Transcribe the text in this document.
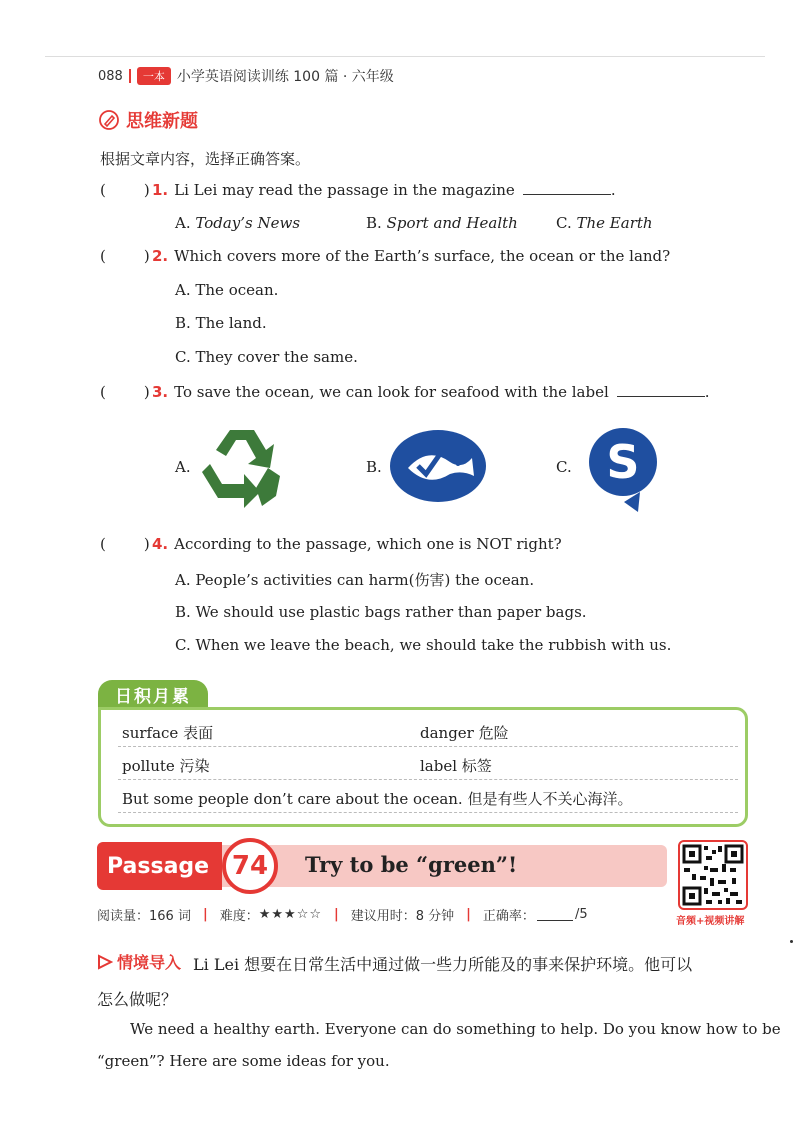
088	一本 小学英语阅读训练 100 篇 · 六年级
思维新题
根据文章内容，选择正确答案。
(	) 1. Li Lei may read the passage in the magazine	.
A. Today’s News	B. Sport and Health	C. The Earth
(	) 2. Which covers more of the Earth’s surface, the ocean or the land?
A. The ocean.
B. The land.
C. They cover the same.
(	) 3. To save the ocean, we can look for seafood with the label	.
A.	B.	C. S
(	) 4. According to the passage, which one is NOT right?
A. People’s activities can harm(伤害) the ocean.
B. We should use plastic bags rather than paper bags.
C. When we leave the beach, we should take the rubbish with us.
日积月累
surface 表面	danger 危险
pollute 污染	label 标签
But some people don’t care about the ocean. 但是有些人不关心海洋。
Passage 74	Try to be “green”!
音频+视频讲解
阅读量： 166 词 | 难度： ★★★☆☆ | 建议用时：8 分钟 | 正确率：	/5
情境导入 Li Lei 想要在日常生活中通过做一些力所能及的事来保护环境。他可以
怎么做呢？
We need a healthy earth. Everyone can do something to help. Do you know how to be
“green”? Here are some ideas for you.
